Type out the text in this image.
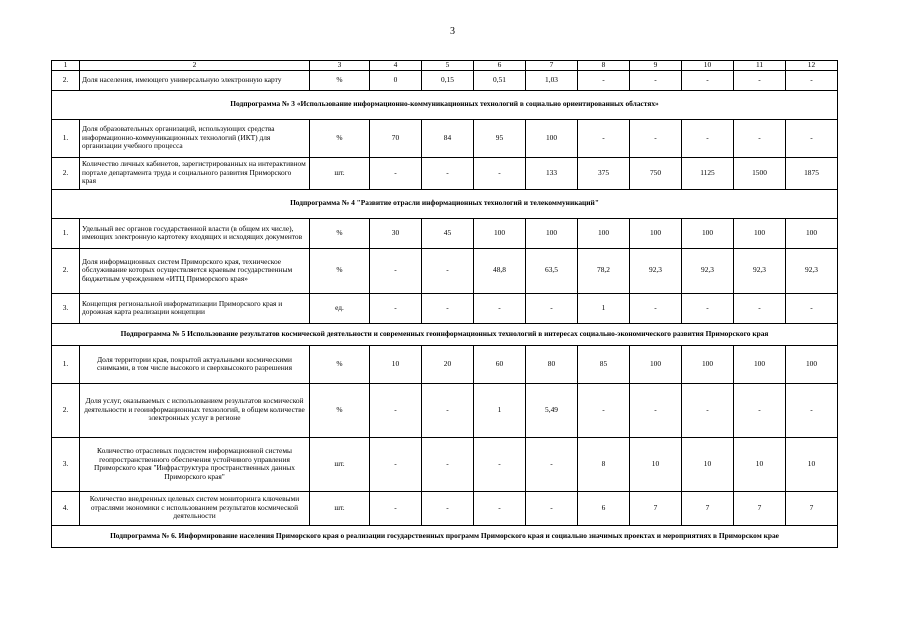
3
1	2	3	4	5	6	7	8	9	10	11	12
2.	Доля населения, имеющего универсальную электронную карту	%	0	0,15	0,51	1,03	-	-	-	-	-
Подпрограмма № 3 «Использование информационно-коммуникационных технологий в социально ориентированных областях»											
1.	Доля образовательных организаций, использующих средства информационно-коммуникационных технологий (ИКТ) для организации учебного процесса	%	70	84	95	100	-	-	-	-	-
2.	Количество личных кабинетов, зарегистрированных на интерактивном портале департамента труда и социального развития Приморского края	шт.	-	-	-	133	375	750	1125	1500	1875
Подпрограмма № 4 "Развитие отрасли информационных технологий и телекоммуникаций"											
1.	Удельный вес органов государственной власти (в общем их числе), имеющих электронную картотеку входящих и исходящих документов	%	30	45	100	100	100	100	100	100	100
2.	Доля информационных систем Приморского края, техническое обслуживание которых осуществляется краевым государственным бюджетным учреждением «ИТЦ Приморского края»	%	-	-	48,8	63,5	78,2	92,3	92,3	92,3	92,3
3.	Концепция региональной информатизации Приморского края и дорожная карта реализации концепции	ед.	-	-	-	-	1	-	-	-	-
Подпрограмма № 5 Использование результатов космической деятельности и современных геоинформационных технологий в интересах социально-экономического развития Приморского края											
1.	Доля территории края, покрытой актуальными космическими снимками, в том числе высокого и сверхвысокого разрешения	%	10	20	60	80	85	100	100	100	100
2.	Доля услуг, оказываемых с использованием результатов космической деятельности и геоинформационных технологий, в общем количестве электронных услуг в регионе	%	-	-	1	5,49	-	-	-	-	-
3.	Количество отраслевых подсистем информационной системы геопространственного обеспечения устойчивого управления Приморского края "Инфраструктура пространственных данных Приморского края"	шт.	-	-	-	-	8	10	10	10	10
4.	Количество внедренных целевых систем мониторинга ключевыми отраслями экономики с использованием результатов космической деятельности	шт.	-	-	-	-	6	7	7	7	7
Подпрограмма № 6. Информирование населения Приморского края о реализации государственных программ Приморского края и социально значимых проектах и мероприятиях в Приморском крае											
